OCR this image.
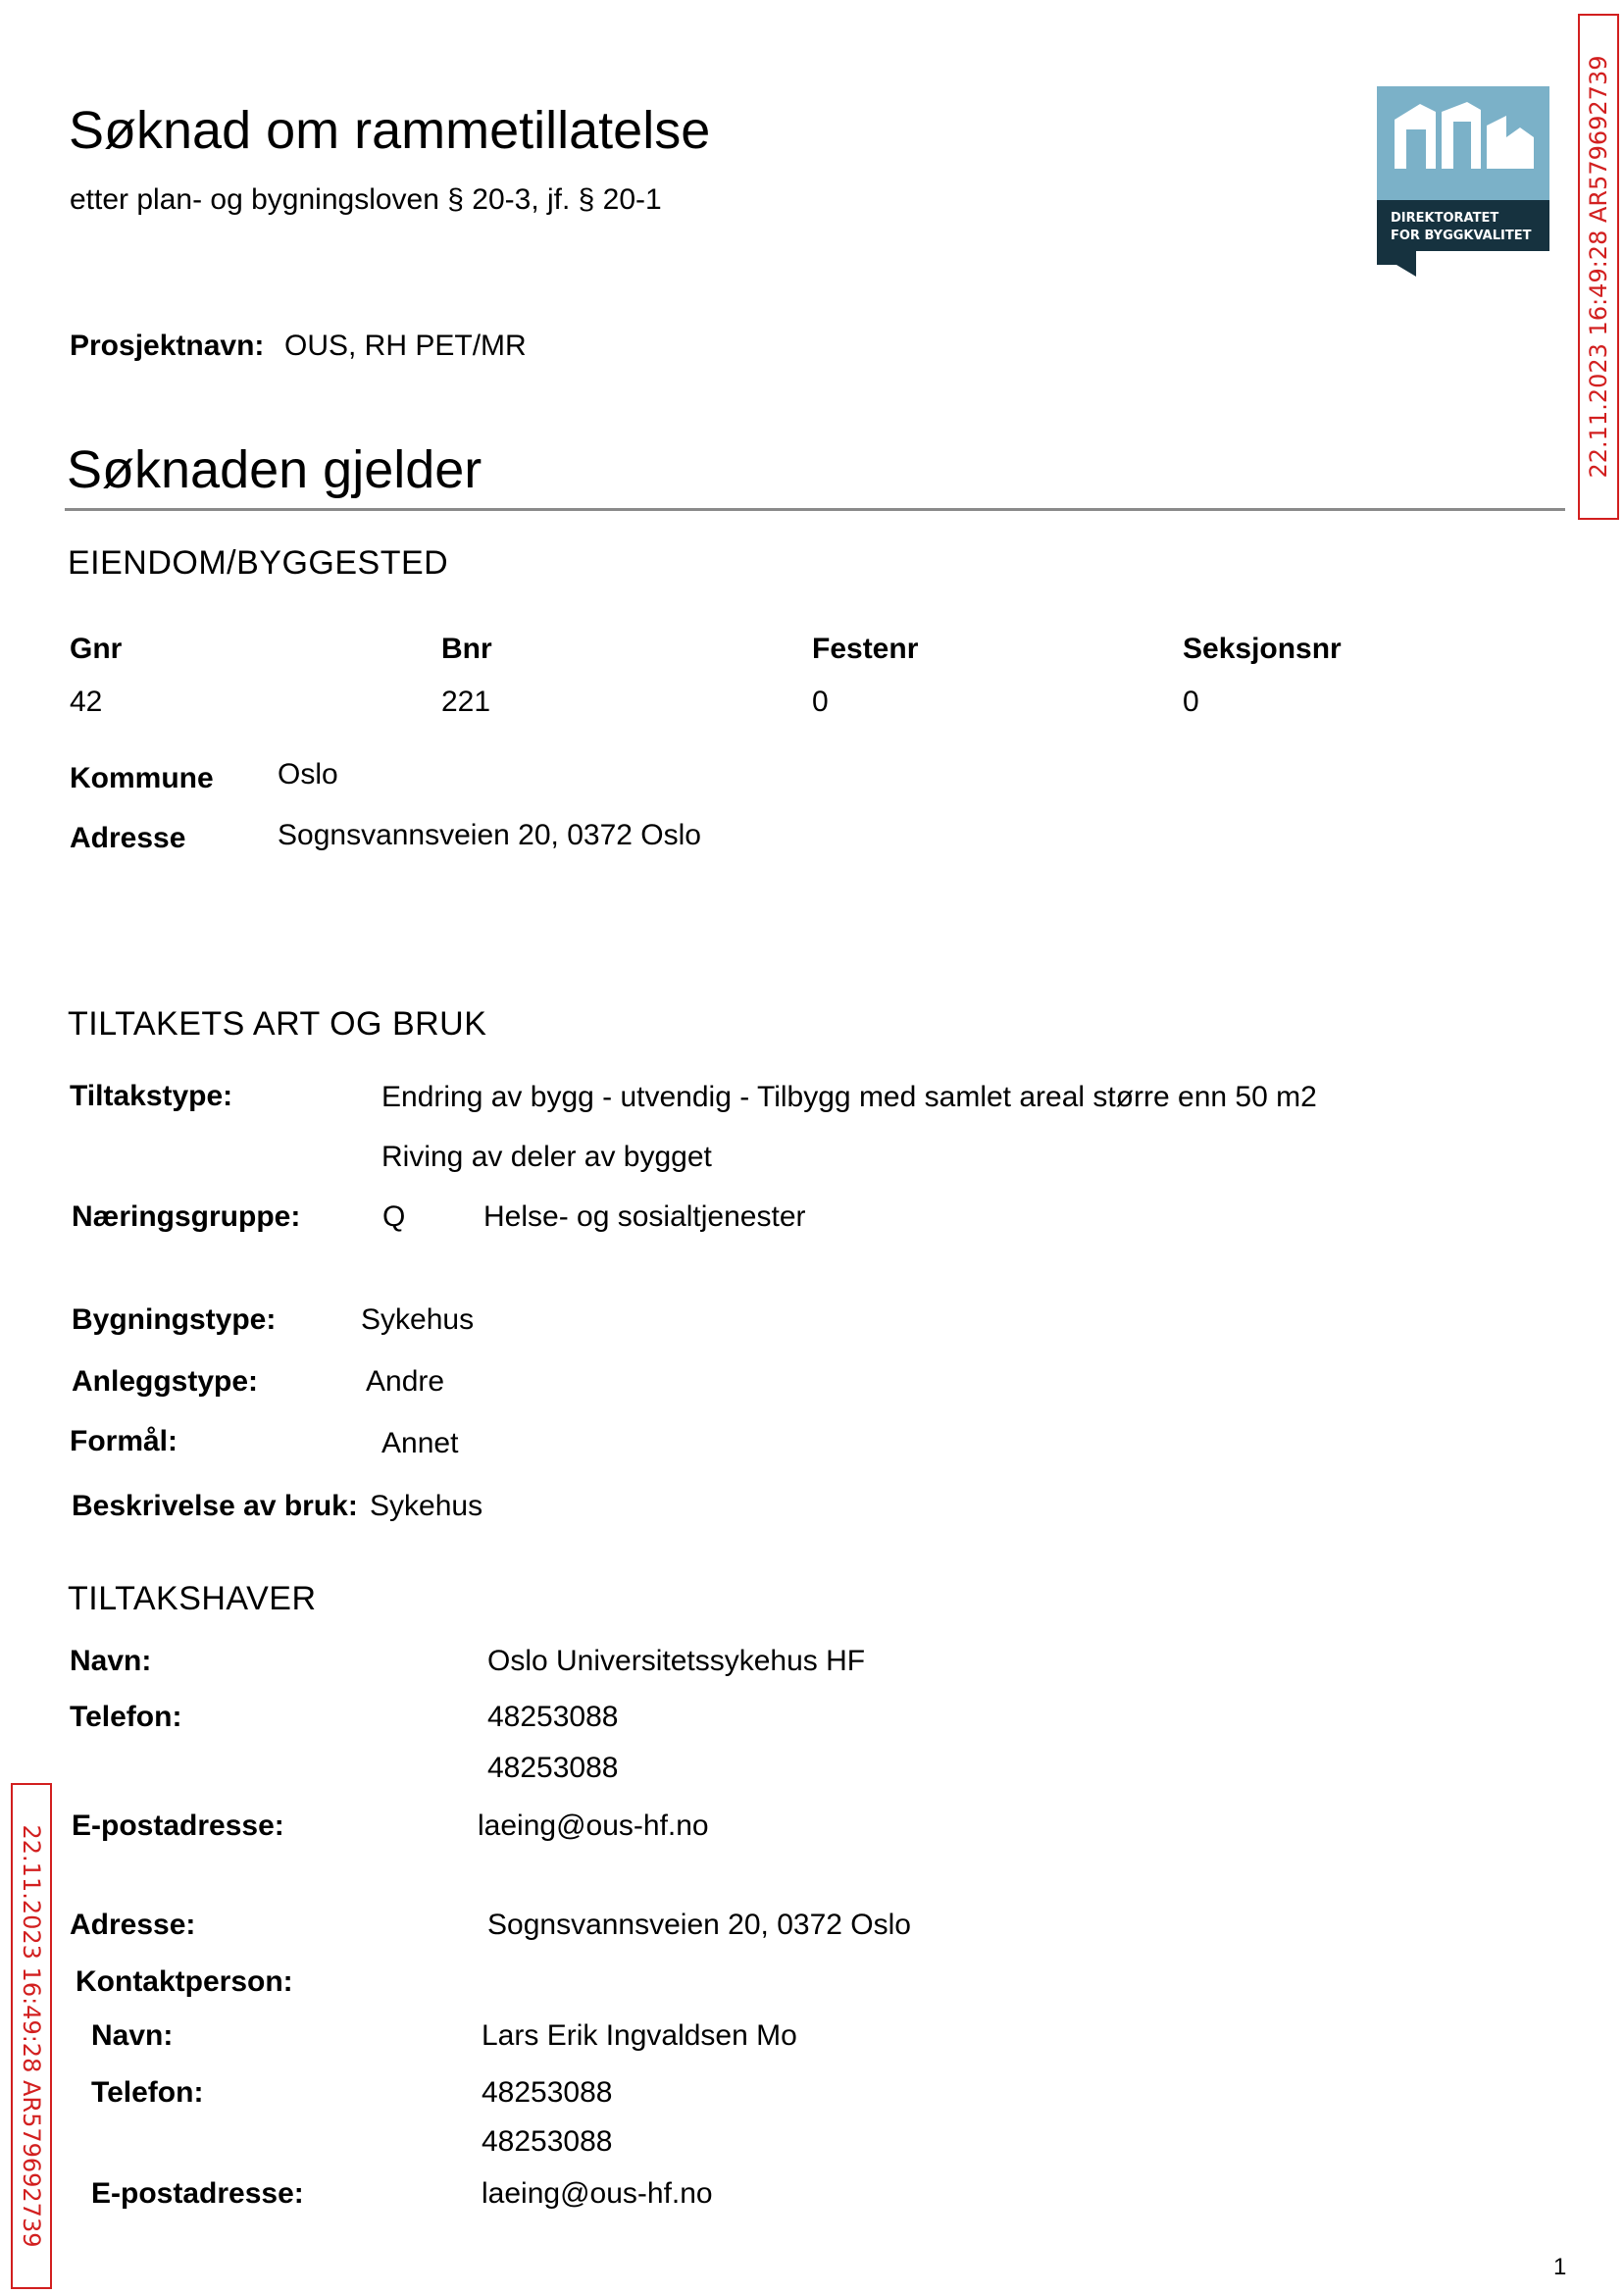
Søknad om rammetillatelse
etter plan- og bygningsloven § 20-3, jf. § 20-1
DIREKTORATET
FOR BYGGKVALITET 22.11.2023 16:49:28 AR579692739
Prosjektnavn: OUS, RH PET/MR
Søknaden gjelder
EIENDOM/BYGGESTED
Gnr	Bnr	Festenr	Seksjonsnr
42	221	0	0
Kommune Oslo
Adresse	Sognsvannsveien 20, 0372 Oslo
TILTAKETS ART OG BRUK
Tiltakstype:	Endring av bygg - utvendig - Tilbygg med samlet areal større enn 50 m2
Riving av deler av bygget
Næringsgruppe:	Q	Helse- og sosialtjenester
Bygningstype:	Sykehus
Anleggstype:	Andre
Formål:	Annet
Beskrivelse av bruk: Sykehus
TILTAKSHAVER
Navn:	Oslo Universitetssykehus HF
Telefon:	48253088
48253088
E-postadresse:	laeing@ous-hf.no
Adresse:	Sognsvannsveien 20, 0372 Oslo
Kontaktperson:
Navn:	Lars Erik Ingvaldsen Mo
Telefon:	48253088
48253088
E-postadresse:	laeing@ous-hf.no
22.11.2023 16:49:28 AR579692739
1
